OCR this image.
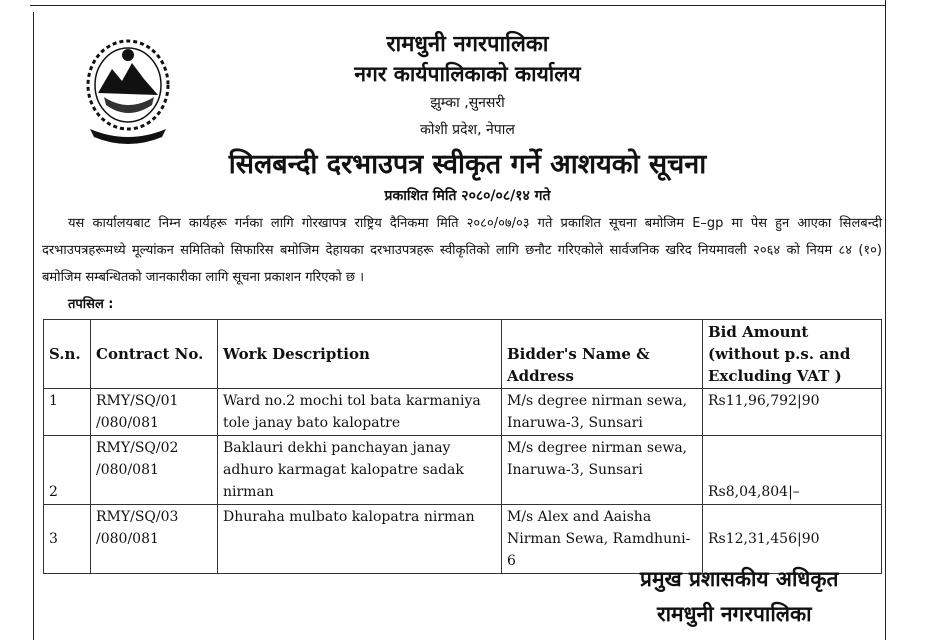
रामधुनी नगरपालिका
नगर कार्यपालिकाको कार्यालय
झुम्का ,सुनसरी
कोशी प्रदेश, नेपाल
सिलबन्दी दरभाउपत्र स्वीकृत गर्ने आशयको सूचना
प्रकाशित मिति २०८०/०८/१४ गते
यस कार्यालयबाट निम्न कार्यहरू गर्नका लागि गोरखापत्र राष्ट्रिय दैनिकमा मिति २०८०/०७/०३ गते प्रकाशित सूचना बमोजिम E–gp मा पेस हुन आएका सिलबन्दी दरभाउपत्रहरूमध्ये मूल्यांकन समितिको सिफारिस बमोजिम देहायका दरभाउपत्रहरू स्वीकृतिको लागि छनौट गरिएकोले सार्वजनिक खरिद नियमावली २०६४ को नियम ८४ (१०) बमोजिम सम्बन्धितको जानकारीका लागि सूचना प्रकाशन गरिएको छ ।
तपसिल :
S.n.	Contract No.	Work Description	Bidder's Name & Address	Bid Amount (without p.s. and Excluding VAT )
1	RMY/SQ/01 /080/081	Ward no.2 mochi tol bata karmaniya tole janay bato kalopatre	M/s degree nirman sewa, Inaruwa-3, Sunsari	Rs11,96,792|90
2	RMY/SQ/02 /080/081	Baklauri dekhi panchayan janay adhuro karmagat kalopatre sadak nirman	M/s degree nirman sewa, Inaruwa-3, Sunsari	Rs8,04,804|–
3	RMY/SQ/03 /080/081	Dhuraha mulbato kalopatra nirman	M/s Alex and Aaisha Nirman Sewa, Ramdhuni-6	Rs12,31,456|90
प्रमुख प्रशासकीय अधिकृत
रामधुनी नगरपालिका
